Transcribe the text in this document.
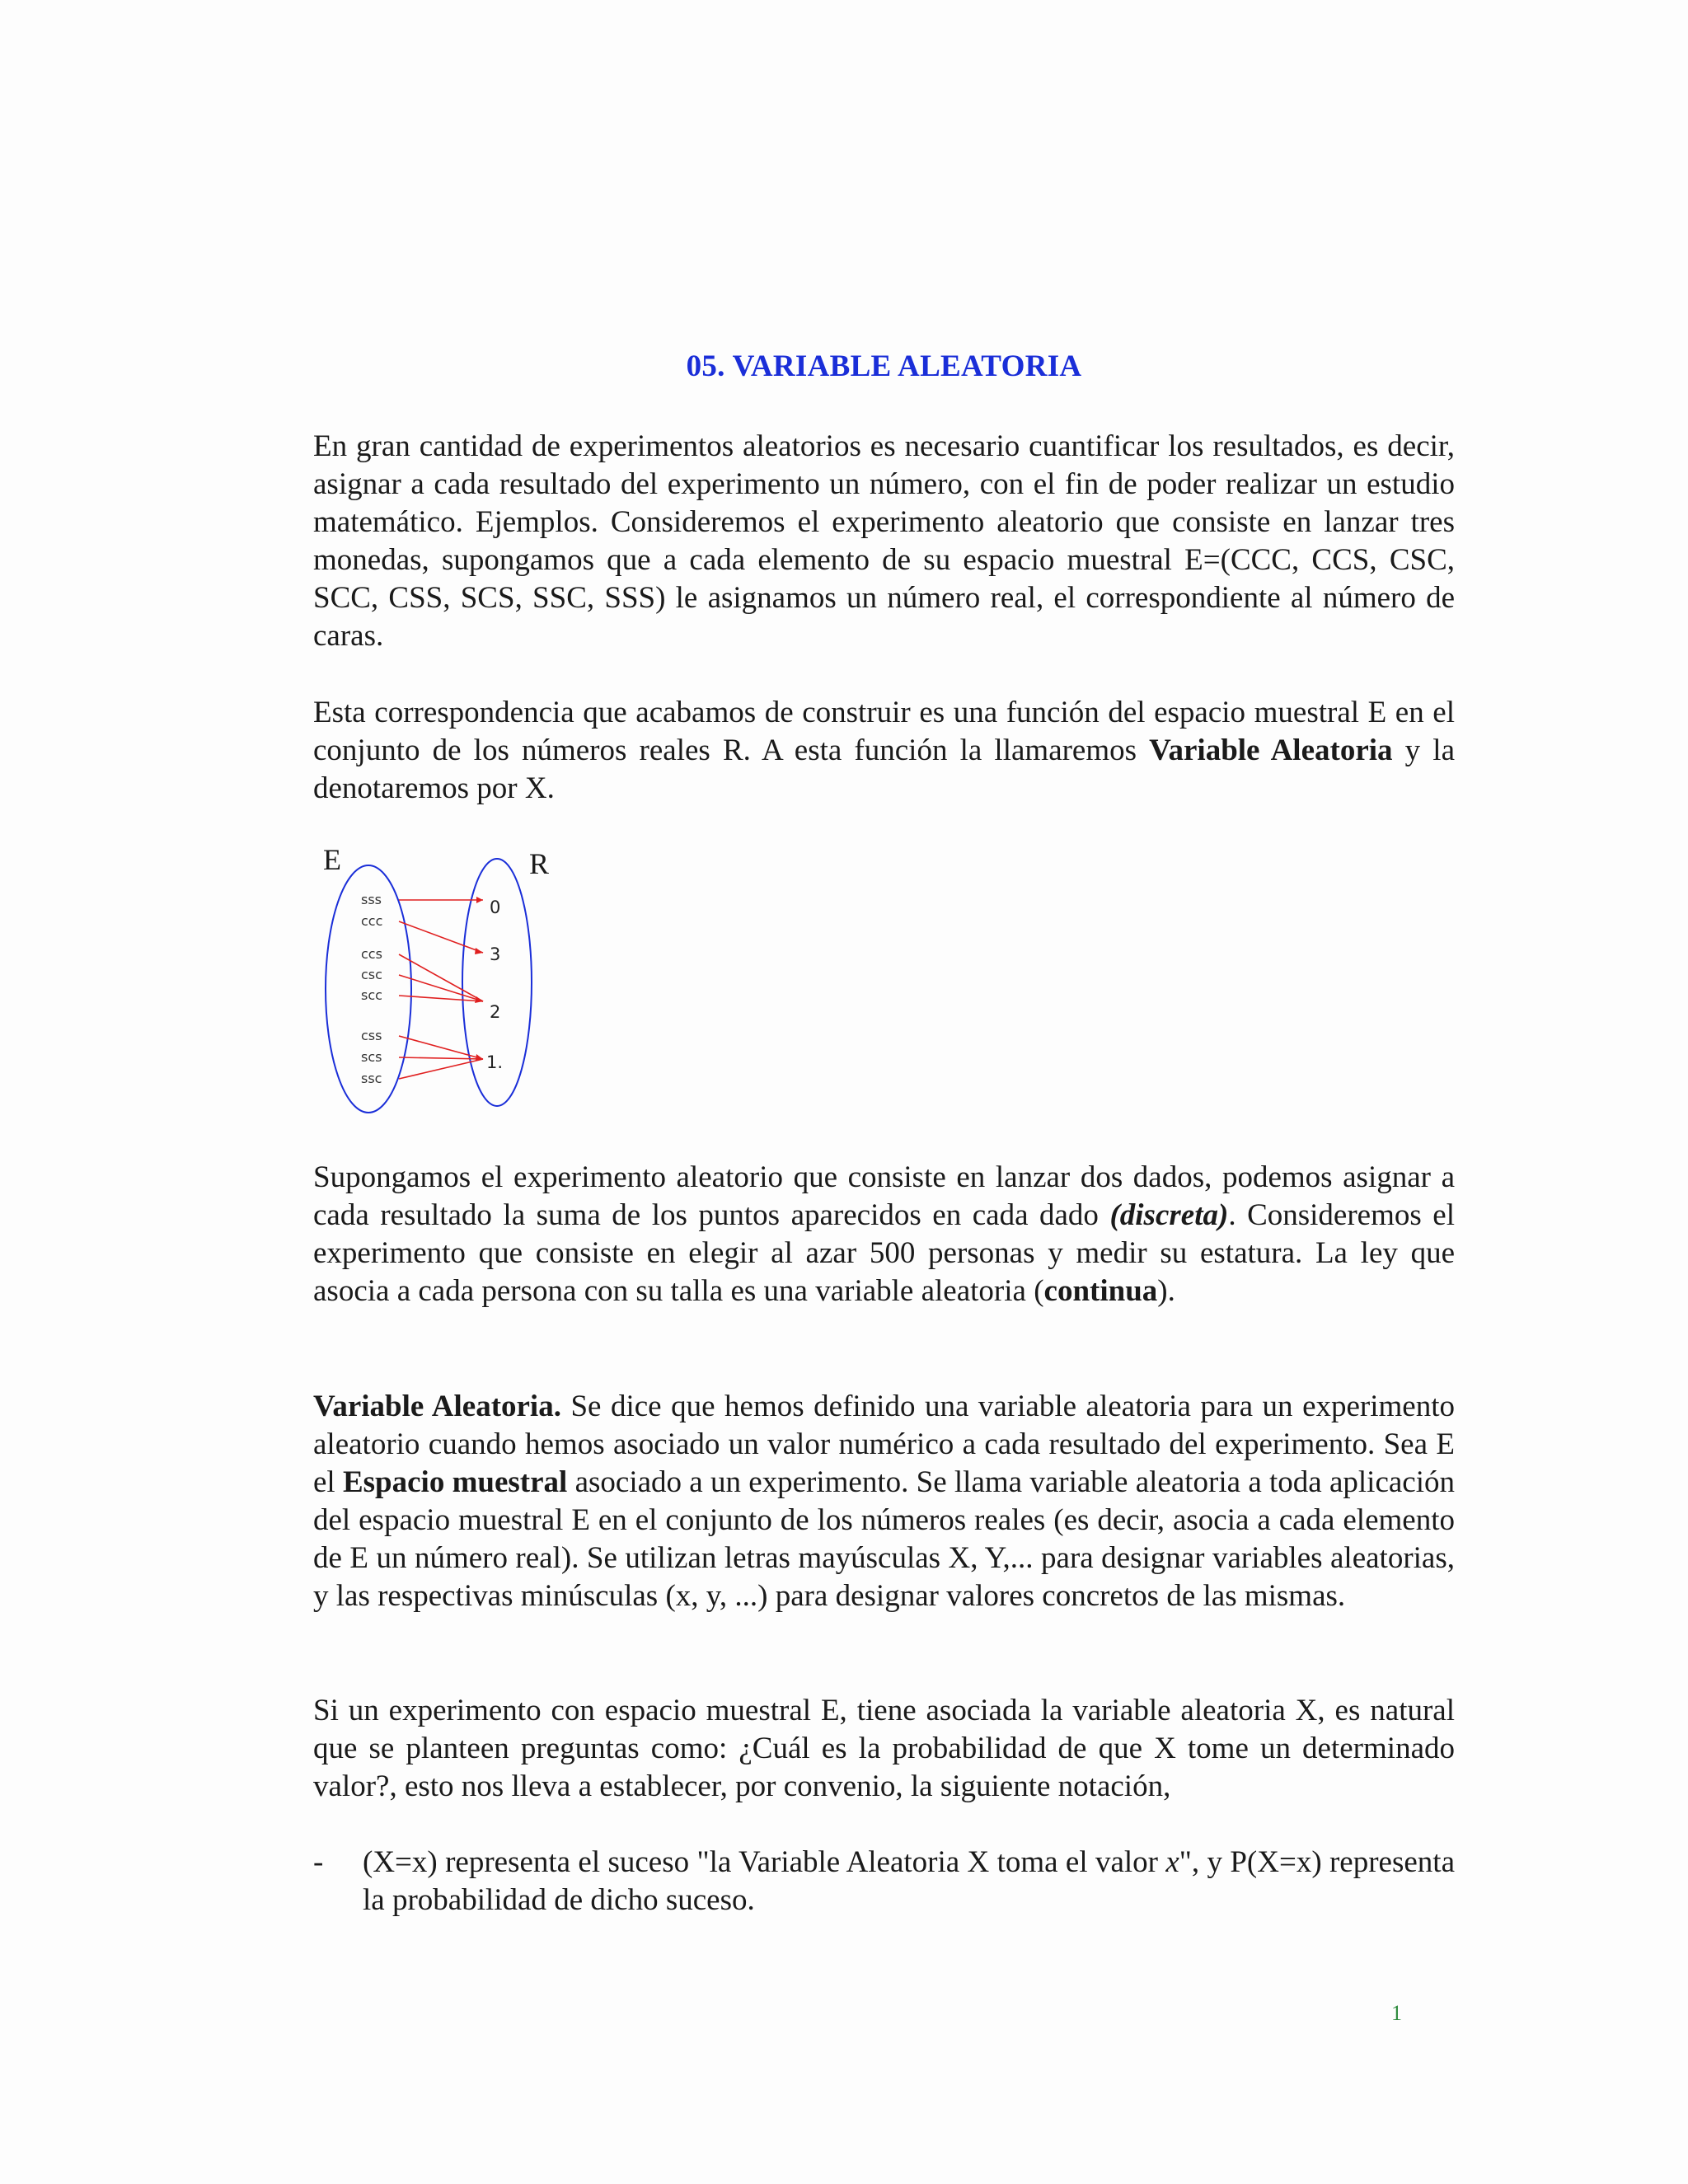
05. VARIABLE ALEATORIA

En gran cantidad de experimentos aleatorios es necesario cuantificar los resultados, es decir, asignar a cada resultado del experimento un número, con el fin de poder realizar un estudio matemático. Ejemplos. Consideremos el experimento aleatorio que consiste en lanzar tres monedas, supongamos que a cada elemento de su espacio muestral E=(CCC, CCS, CSC, SCC, CSS, SCS, SSC, SSS) le asignamos un número real, el correspondiente al número de caras.

Esta correspondencia que acabamos de construir es una función del espacio muestral E en el conjunto de los números reales R. A esta función la llamaremos Variable Aleatoria y la denotaremos por X.

E	R
sss
ccc
ccs
csc
scc
css
scs
ssc
0
3
2
1.

Supongamos el experimento aleatorio que consiste en lanzar dos dados, podemos asignar a cada resultado la suma de los puntos aparecidos en cada dado (discreta). Consideremos el experimento que consiste en elegir al azar 500 personas y medir su estatura. La ley que asocia a cada persona con su talla es una variable aleatoria (continua).

Variable Aleatoria. Se dice que hemos definido una variable aleatoria para un experimento aleatorio cuando hemos asociado un valor numérico a cada resultado del experimento. Sea E el Espacio muestral asociado a un experimento. Se llama variable aleatoria a toda aplicación del espacio muestral E en el conjunto de los números reales (es decir, asocia a cada elemento de E un número real). Se utilizan letras mayúsculas X, Y,... para designar variables aleatorias, y las respectivas minúsculas (x, y, ...) para designar valores concretos de las mismas.

Si un experimento con espacio muestral E, tiene asociada la variable aleatoria X, es natural que se planteen preguntas como: ¿Cuál es la probabilidad de que X tome un determinado valor?, esto nos lleva a establecer, por convenio, la siguiente notación,

- (X=x) representa el suceso "la Variable Aleatoria X toma el valor x", y P(X=x) representa la probabilidad de dicho suceso.
1
